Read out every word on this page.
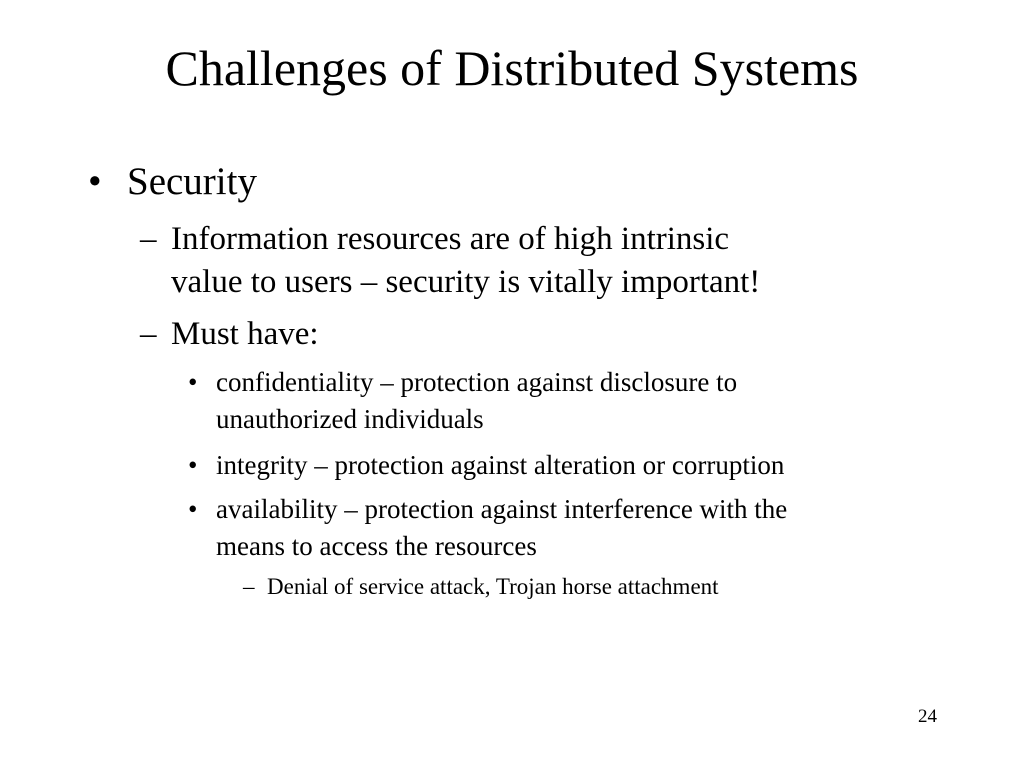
Challenges of Distributed Systems
• Security
– Information resources are of high intrinsic
value to users – security is vitally important!
– Must have:
• confidentiality – protection against disclosure to
unauthorized individuals
• integrity – protection against alteration or corruption
• availability – protection against interference with the
means to access the resources
– Denial of service attack, Trojan horse attachment
24
